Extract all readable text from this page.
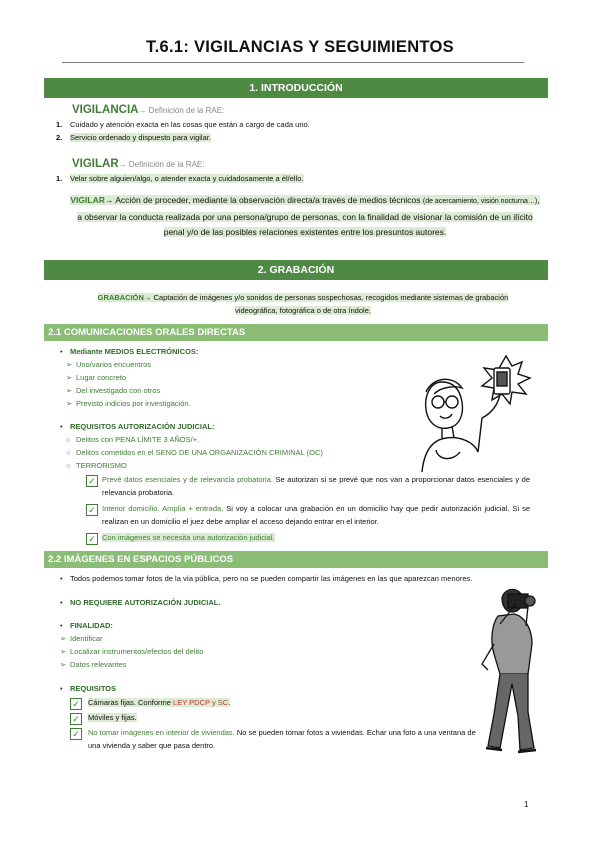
T.6.1: VIGILANCIAS Y SEGUIMIENTOS
1. INTRODUCCIÓN
VIGILANCIA→ Definición de la RAE:
1. Cuidado y atención exacta en las cosas que están a cargo de cada uno.
2. Servicio ordenado y dispuesto para vigilar.
VIGILAR→ Definición de la RAE:
1. Velar sobre alguien/algo, o atender exacta y cuidadosamente a él/ello.
VIGILAR→ Acción de proceder, mediante la observación directa/a través de medios técnicos (de acercamiento, visión nocturna…), a observar la conducta realizada por una persona/grupo de personas, con la finalidad de visionar la comisión de un ilícito penal y/o de las posibles relaciones existentes entre los presuntos autores.
2. GRABACIÓN
GRABACIÓN→ Captación de imágenes y/o sonidos de personas sospechosas, recogidos mediante sistemas de grabación videográfica, fotográfica o de otra índole.
2.1 COMUNICACIONES ORALES DIRECTAS
• Mediante MEDIOS ELECTRÓNICOS:
➢ Uno/varios encuentros
➢ Lugar concreto
➢ Del investigado con otros
➢ Previsto indicios por investigación.
• REQUISITOS AUTORIZACIÓN JUDICIAL:
○ Delitos con PENA LÍMITE 3 AÑOS/+.
○ Delitos cometidos en el SENO DE UNA ORGANIZACIÓN CRIMINAL (OC)
○ TERRORISMO
✓ Prevé datos esenciales y de relevancia probatoria. Se autorizan si se prevé que nos van a proporcionar datos esenciales y de relevancia probatoria.
✓ Interior domicilio. Amplía + entrada. Si voy a colocar una grabación en un domicilio hay que pedir autorización judicial. Si se realizan en un domicilio el juez debe ampliar el acceso dejando entrar en el interior.
✓ Con imágenes se necesita una autorización judicial.
2.2 IMÁGENES EN ESPACIOS PÚBLICOS
• Todos podemos tomar fotos de la vía pública, pero no se pueden compartir las imágenes en las que aparezcan menores.
• NO REQUIERE AUTORIZACIÓN JUDICIAL.
• FINALIDAD:
➢ Identificar
➢ Localizar instrumentos/efectos del delito
➢ Datos relevantes
• REQUISITOS
✓	Cámaras fijas. Conforme LEY PDCP y SC.
✓	Móviles y fijas.
✓	No tomar imágenes en interior de viviendas. No se pueden tomar fotos a viviendas. Echar una foto a una ventana de una vivienda y saber que pasa dentro.
1
